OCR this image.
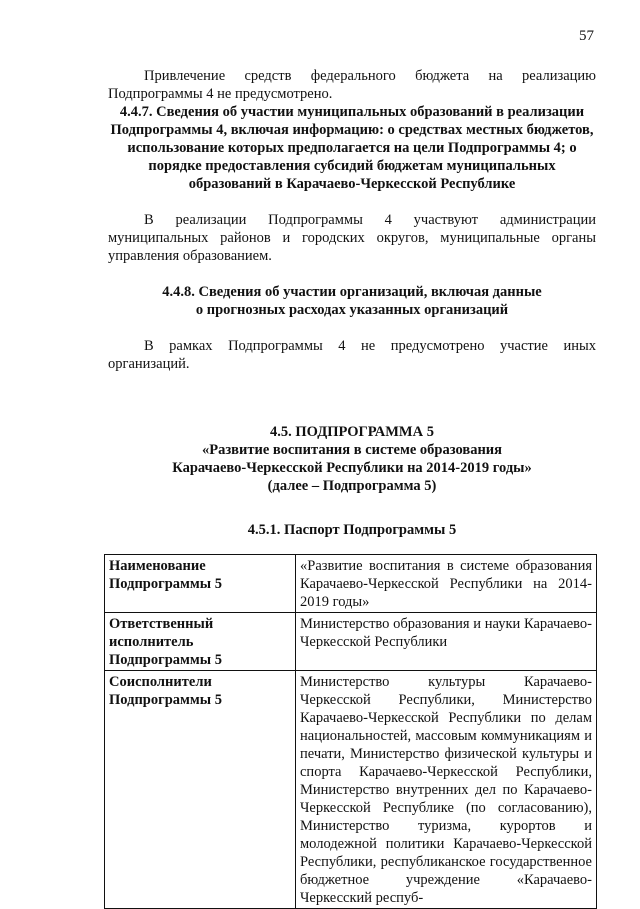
57

Привлечение средств федерального бюджета на реализацию Подпрограммы 4 не предусмотрено.

4.4.7. Сведения об участии муниципальных образований в реализации Подпрограммы 4, включая информацию: о средствах местных бюджетов, использование которых предполагается на цели Подпрограммы 4; о порядке предоставления субсидий бюджетам муниципальных образований в Карачаево-Черкесской Республике

В реализации Подпрограммы 4 участвуют администрации муниципальных районов и городских округов, муниципальные органы управления образованием.

4.4.8. Сведения об участии организаций, включая данные

о прогнозных расходах указанных организаций

В рамках Подпрограммы 4 не предусмотрено участие иных организаций.

4.5. ПОДПРОГРАММА 5

«Развитие воспитания в системе образования

Карачаево-Черкесской Республики на 2014-2019 годы»

(далее – Подпрограмма 5)

4.5.1. Паспорт Подпрограммы 5

Наименование Подпрограммы 5	«Развитие воспитания в системе образования Карачаево-Черкесской Республики на 2014-2019 годы»
Ответственный исполнитель Подпрограммы 5	Министерство образования и науки Карачаево-Черкесской Республики
Соисполнители Подпрограммы 5	Министерство культуры Карачаево-Черкесской Республики, Министерство Карачаево-Черкесской Республики по делам национальностей, массовым коммуникациям и печати, Министерство физической культуры и спорта Карачаево-Черкесской Республики, Министерство внутренних дел по Карачаево-Черкесской Республике (по согласованию), Министерство туризма, курортов и молодежной политики Карачаево-Черкесской Республики, республиканское государственное бюджетное учреждение «Карачаево-Черкесский респуб-
